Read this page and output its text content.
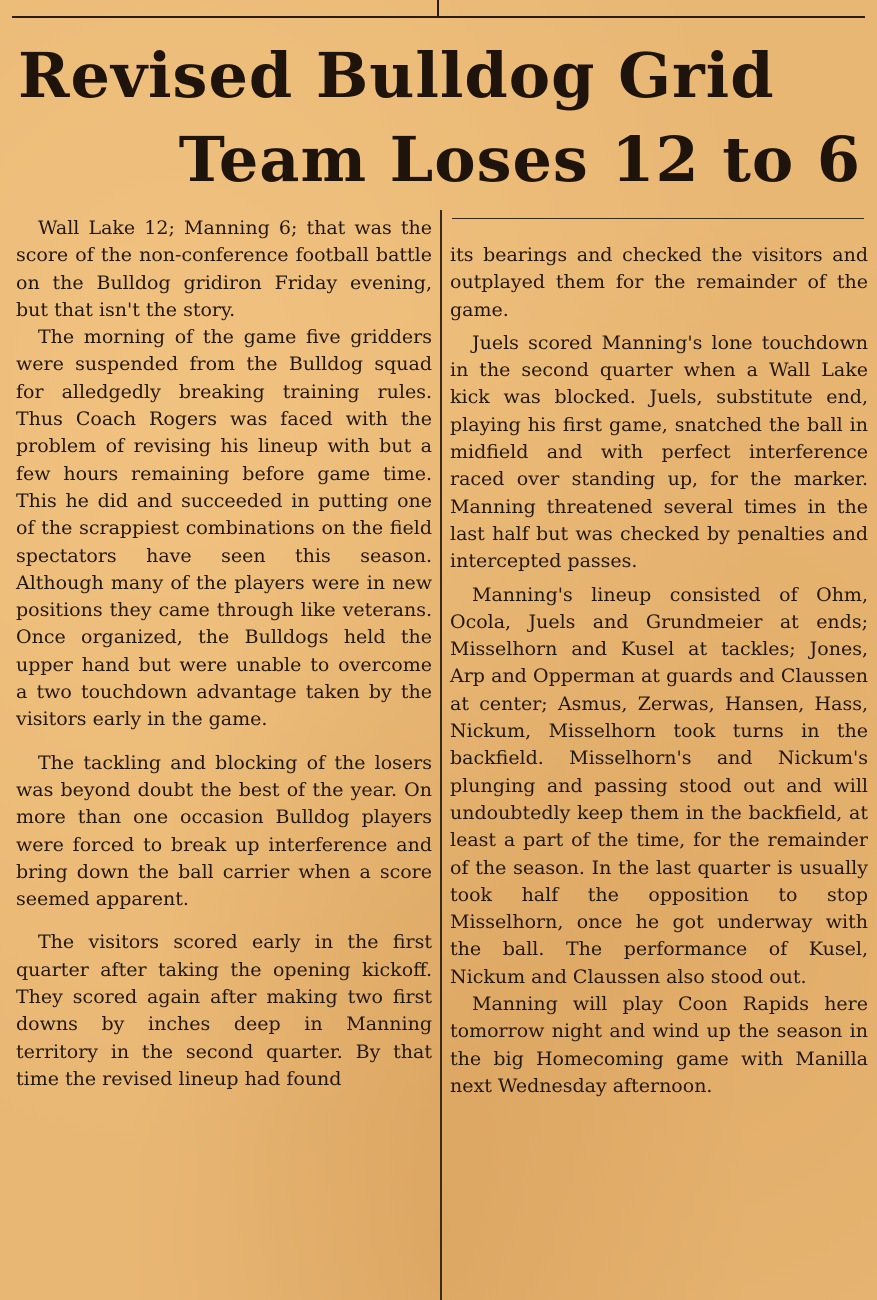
Revised Bulldog Grid
Team Loses 12 to 6

Wall Lake 12; Manning 6; that was the score of the non-conference football battle on the Bulldog gridiron Friday evening, but that isn't the story.

The morning of the game five gridders were suspended from the Bulldog squad for alledgedly breaking training rules. Thus Coach Rogers was faced with the problem of revising his lineup with but a few hours remaining before game time. This he did and succeeded in putting one of the scrappiest combinations on the field spectators have seen this season. Although many of the players were in new positions they came through like veterans. Once organized, the Bulldogs held the upper hand but were unable to overcome a two touchdown advantage taken by the visitors early in the game.

The tackling and blocking of the losers was beyond doubt the best of the year. On more than one occasion Bulldog players were forced to break up interference and bring down the ball carrier when a score seemed apparent.

The visitors scored early in the first quarter after taking the opening kickoff. They scored again after making two first downs by inches deep in Manning territory in the second quarter. By that time the revised lineup had found

its bearings and checked the visitors and outplayed them for the remainder of the game.

Juels scored Manning's lone touchdown in the second quarter when a Wall Lake kick was blocked. Juels, substitute end, playing his first game, snatched the ball in midfield and with perfect interference raced over standing up, for the marker. Manning threatened several times in the last half but was checked by penalties and intercepted passes.

Manning's lineup consisted of Ohm, Ocola, Juels and Grundmeier at ends; Misselhorn and Kusel at tackles; Jones, Arp and Opperman at guards and Claussen at center; Asmus, Zerwas, Hansen, Hass, Nickum, Misselhorn took turns in the backfield. Misselhorn's and Nickum's plunging and passing stood out and will undoubtedly keep them in the backfield, at least a part of the time, for the remainder of the season. In the last quarter is usually took half the opposition to stop Misselhorn, once he got underway with the ball. The performance of Kusel, Nickum and Claussen also stood out.

Manning will play Coon Rapids here tomorrow night and wind up the season in the big Homecoming game with Manilla next Wednesday afternoon.
